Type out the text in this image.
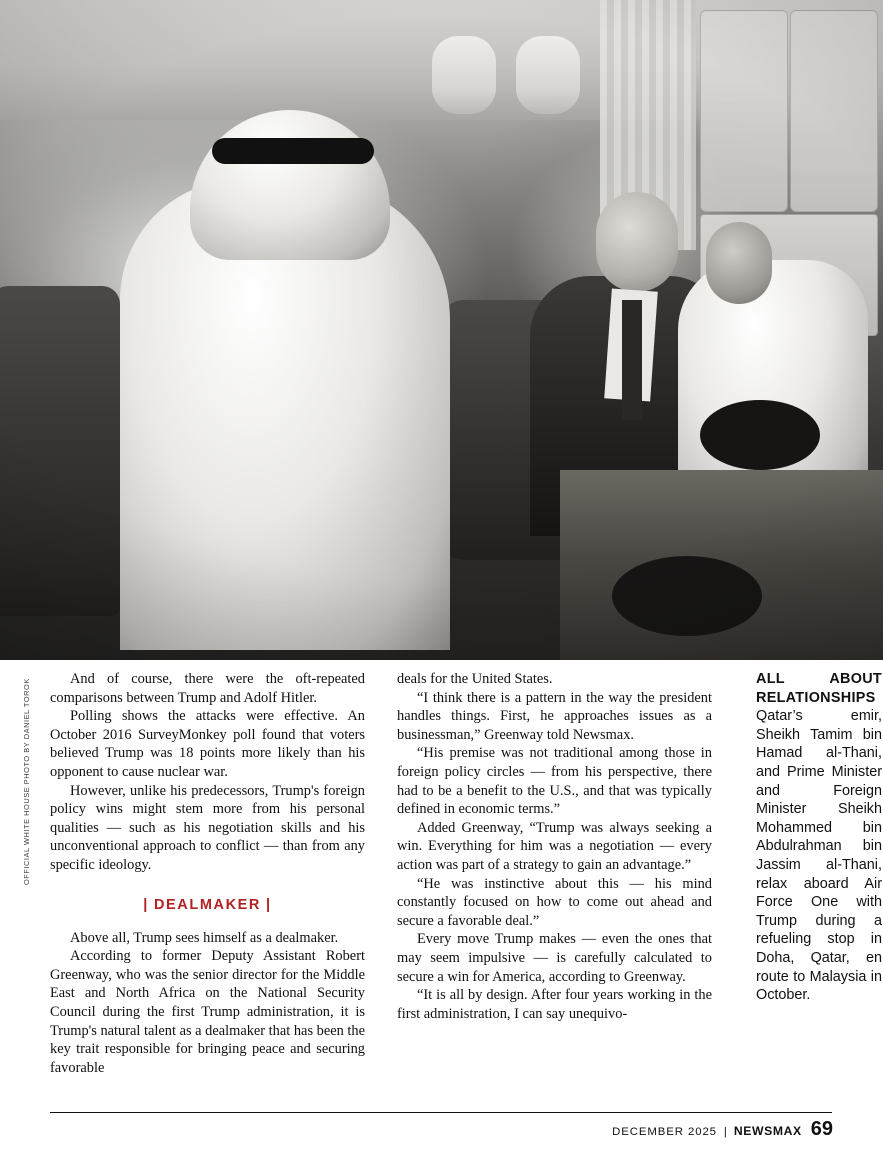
OFFICIAL WHITE HOUSE PHOTO BY DANIEL TOROK	And of course, there were the oft-repeated comparisons between Trump and Adolf Hitler.

Polling shows the attacks were effective. An October 2016 SurveyMonkey poll found that voters believed Trump was 18 points more likely than his opponent to cause nuclear war.

However, unlike his predecessors, Trump's foreign policy wins might stem more from his personal qualities — such as his negotiation skills and his unconventional approach to conflict — than from any specific ideology.

| DEALMAKER |

Above all, Trump sees himself as a dealmaker.

According to former Deputy Assistant Robert Greenway, who was the senior director for the Middle East and North Africa on the National Security Council during the first Trump administration, it is Trump's natural talent as a dealmaker that has been the key trait responsible for bringing peace and securing favorable

deals for the United States.

“I think there is a pattern in the way the president handles things. First, he approaches issues as a businessman,” Greenway told Newsmax.

“His premise was not traditional among those in foreign policy circles — from his perspective, there had to be a benefit to the U.S., and that was typically defined in economic terms.”

Added Greenway, “Trump was always seeking a win. Everything for him was a negotiation — every action was part of a strategy to gain an advantage.”

“He was instinctive about this — his mind constantly focused on how to come out ahead and secure a favorable deal.”

Every move Trump makes — even the ones that may seem impulsive — is carefully calculated to secure a win for America, according to Greenway.

“It is all by design. After four years working in the first administration, I can say unequivo-

ALL ABOUT RELATIONSHIPS

Qatar’s emir, Sheikh Tamim bin Hamad al-Thani, and Prime Minister and Foreign Minister Sheikh Mohammed bin Abdulrahman bin Jassim al-Thani, relax aboard Air Force One with Trump during a refueling stop in Doha, Qatar, en route to Malaysia in October.

DECEMBER 2025 | NEWSMAX 69
